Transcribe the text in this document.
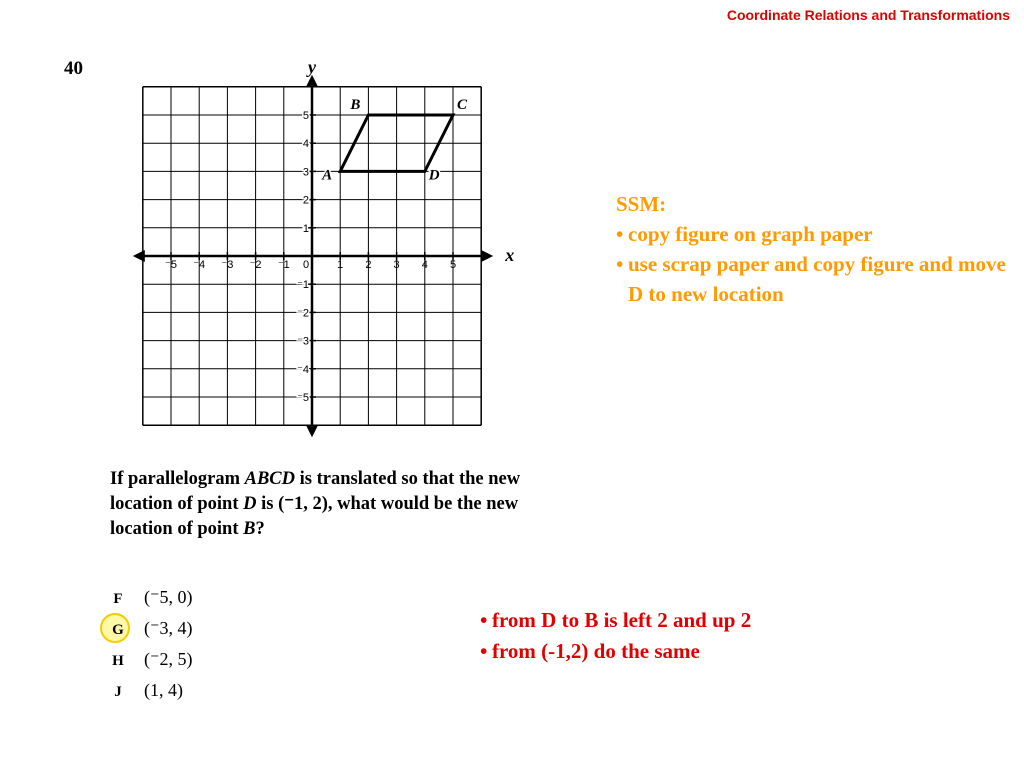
Coordinate Relations and Transformations
40
⁻5 ⁻4 ⁻3 ⁻2 ⁻1	1 2 3 4 5
5
4
3
2
1
⁻1
⁻2
⁻3
⁻4
⁻5
0	x
y
A
B	C
D
If parallelogram ABCD is translated so that the new location of point D is (⁻1, 2), what would be the new location of point B?
F (⁻5, 0)
G (⁻3, 4)
H (⁻2, 5)
J (1, 4)
SSM:
• copy figure on graph paper
• use scrap paper and copy figure and move D to new location
• from D to B is left 2 and up 2
• from (-1,2) do the same
